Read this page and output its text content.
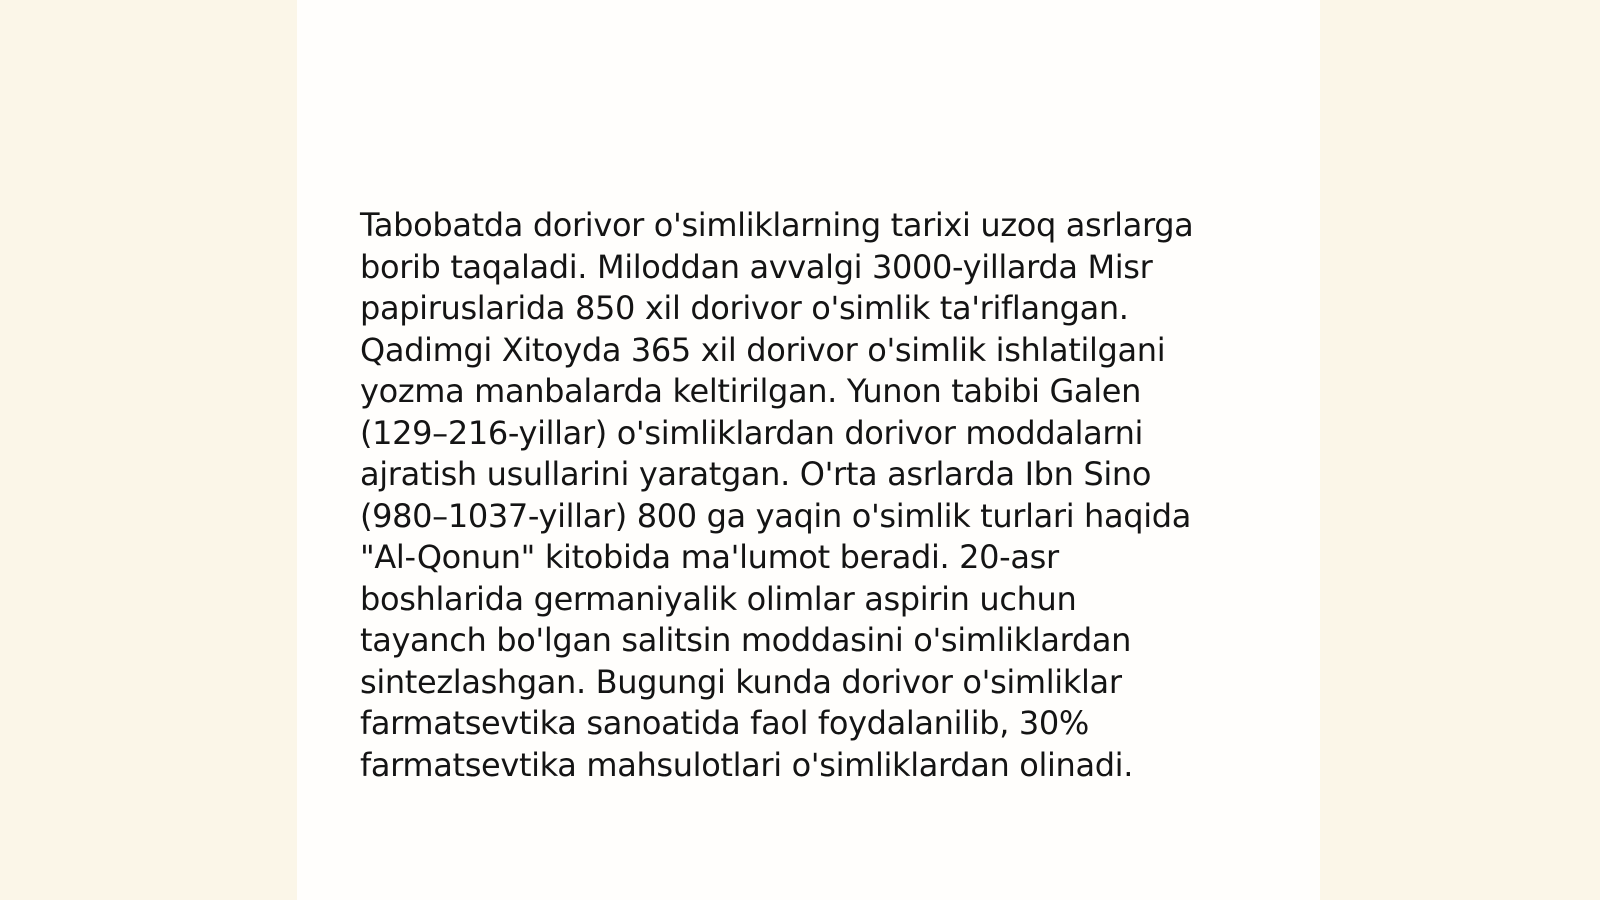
Tabobatda dorivor o'simliklarning tarixi uzoq asrlarga
borib taqaladi. Miloddan avvalgi 3000-yillarda Misr
papiruslarida 850 xil dorivor o'simlik ta'riflangan.
Qadimgi Xitoyda 365 xil dorivor o'simlik ishlatilgani
yozma manbalarda keltirilgan. Yunon tabibi Galen
(129–216-yillar) o'simliklardan dorivor moddalarni
ajratish usullarini yaratgan. O'rta asrlarda Ibn Sino
(980–1037-yillar) 800 ga yaqin o'simlik turlari haqida
"Al-Qonun" kitobida ma'lumot beradi. 20-asr
boshlarida germaniyalik olimlar aspirin uchun
tayanch bo'lgan salitsin moddasini o'simliklardan
sintezlashgan. Bugungi kunda dorivor o'simliklar
farmatsevtika sanoatida faol foydalanilib, 30%
farmatsevtika mahsulotlari o'simliklardan olinadi.
